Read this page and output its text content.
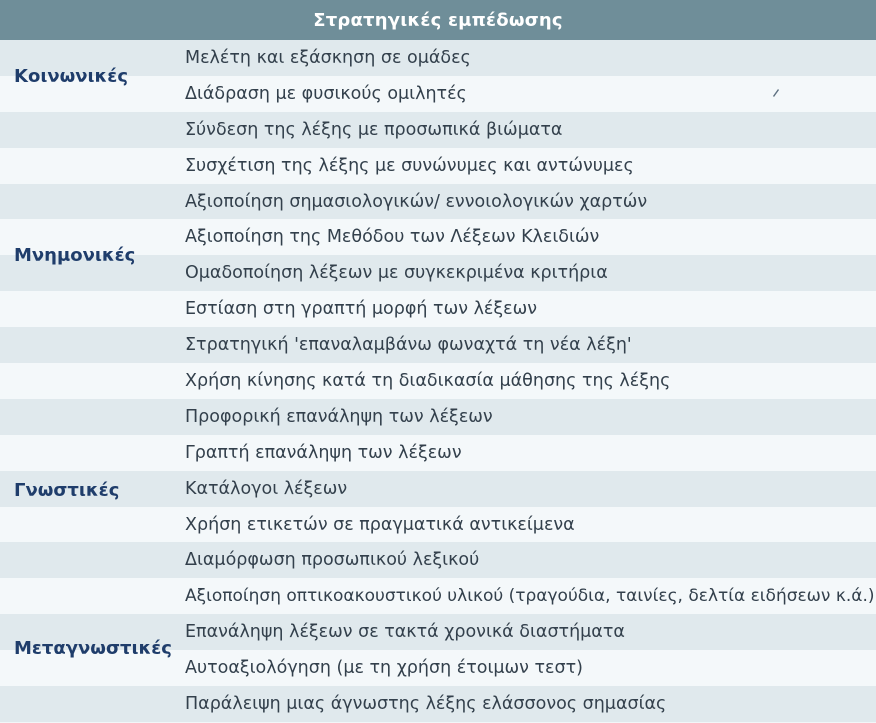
Στρατηγικές εμπέδωσης
Μελέτη και εξάσκηση σε ομάδες
Διάδραση με φυσικούς ομιλητές
Σύνδεση της λέξης με προσωπικά βιώματα
Συσχέτιση της λέξης με συνώνυμες και αντώνυμες
Αξιοποίηση σημασιολογικών/ εννοιολογικών χαρτών
Αξιοποίηση της Μεθόδου των Λέξεων Κλειδιών
Ομαδοποίηση λέξεων με συγκεκριμένα κριτήρια
Εστίαση στη γραπτή μορφή των λέξεων
Στρατηγική 'επαναλαμβάνω φωναχτά τη νέα λέξη'
Χρήση κίνησης κατά τη διαδικασία μάθησης της λέξης
Προφορική επανάληψη των λέξεων
Γραπτή επανάληψη των λέξεων
Κατάλογοι λέξεων
Χρήση ετικετών σε πραγματικά αντικείμενα
Διαμόρφωση προσωπικού λεξικού
Αξιοποίηση οπτικοακουστικού υλικού (τραγούδια, ταινίες, δελτία ειδήσεων κ.ά.)
Επανάληψη λέξεων σε τακτά χρονικά διαστήματα
Αυτοαξιολόγηση (με τη χρήση έτοιμων τεστ)
Παράλειψη μιας άγνωστης λέξης ελάσσονος σημασίας
Κοινωνικές
Μνημονικές
Γνωστικές
Μεταγνωστικές
